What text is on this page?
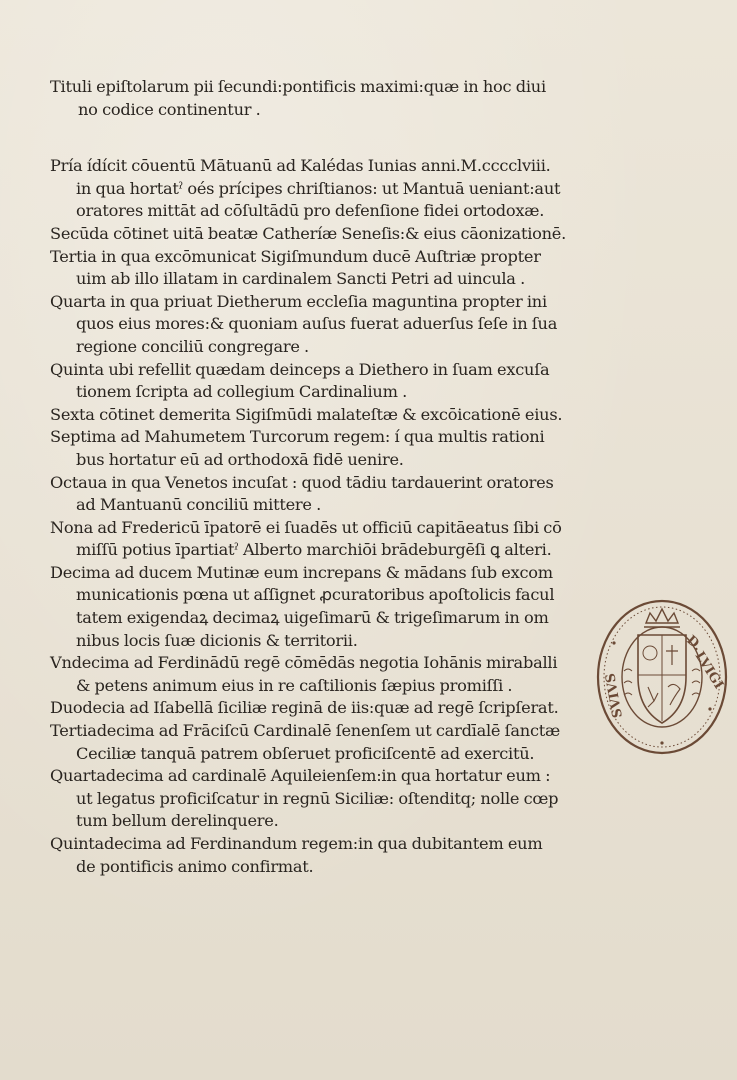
Tituli epiſtolarum pii ſecundi:pontificis maximi:quæ in hoc diui
no codice continentur .
Pría ídícit cōuentū Mātuanū ad Kalédas Iunias anni.M.cccclviii.
in qua hortatˀ oés prícipes chriſtianos: ut Mantuā ueniant:aut
oratores mittāt ad cōſultādū pro defenſione fidei ortodoxæ.
Secūda cōtinet uitā beatæ Catheríæ Seneſis:& eius cāonizationē.
Tertia in qua excōmunicat Sigiſmundum ducē Auſtriæ propter
uim ab illo illatam in cardinalem Sancti Petri ad uincula .
Quarta in qua priuat Dietherum eccleſia maguntina propter ini
quos eius mores:& quoniam auſus fuerat aduerſus ſeſe in ſua
regione conciliū congregare .
Quinta ubi refellit quædam deinceps a Diethero in ſuam excuſa
tionem ſcripta ad collegium Cardinalium .
Sexta cōtinet demerita Sigiſmūdi malateſtæ & excōicationē eius.
Septima ad Mahumetem Turcorum regem: í qua multis rationi
bus hortatur eū ad orthodoxā fidē uenire.
Octaua in qua Venetos incuſat : quod tādiu tardauerint oratores
ad Mantuanū conciliū mittere .
Nona ad Fredericū īpatorē ei ſuadēs ut officiū capitāeatus ſibi cō
miſſū potius īpartiatˀ Alberto marchiōi brādeburgēſi ꝗ alteri.
Decima ad ducem Mutinæ eum increpans & mādans ſub excom
municationis pœna ut aſſignet ꝓcuratoribus apoſtolicis facul
tatem exigendaꝝ decimaꝝ uigeſimarū & trigeſimarum in om
nibus locis ſuæ dicionis & territorii.
Vndecima ad Ferdinādū regē cōmēdās negotia Iohānis miraballi
& petens animum eius in re caſtilionis ſæpius promiſſi .
Duodecia ad Iſabellā ſiciliæ reginā de iis:quæ ad regē ſcripſerat.
Tertiadecima ad Frāciſcū Cardinalē ſenenſem ut cardīalē ſanctæ
Ceciliæ tanquā patrem obſeruet proficiſcentē ad exercitū.
Quartadecima ad cardinalē Aquileienſem:in qua hortatur eum :
ut legatus proficiſcatur in regnū Siciliæ: oſtenditq; nolle cœp
tum bellum derelinquere.
Quintadecima ad Ferdinandum regem:in qua dubitantem eum
de pontificis animo confirmat.
D.
LVIGI
SVIVS
